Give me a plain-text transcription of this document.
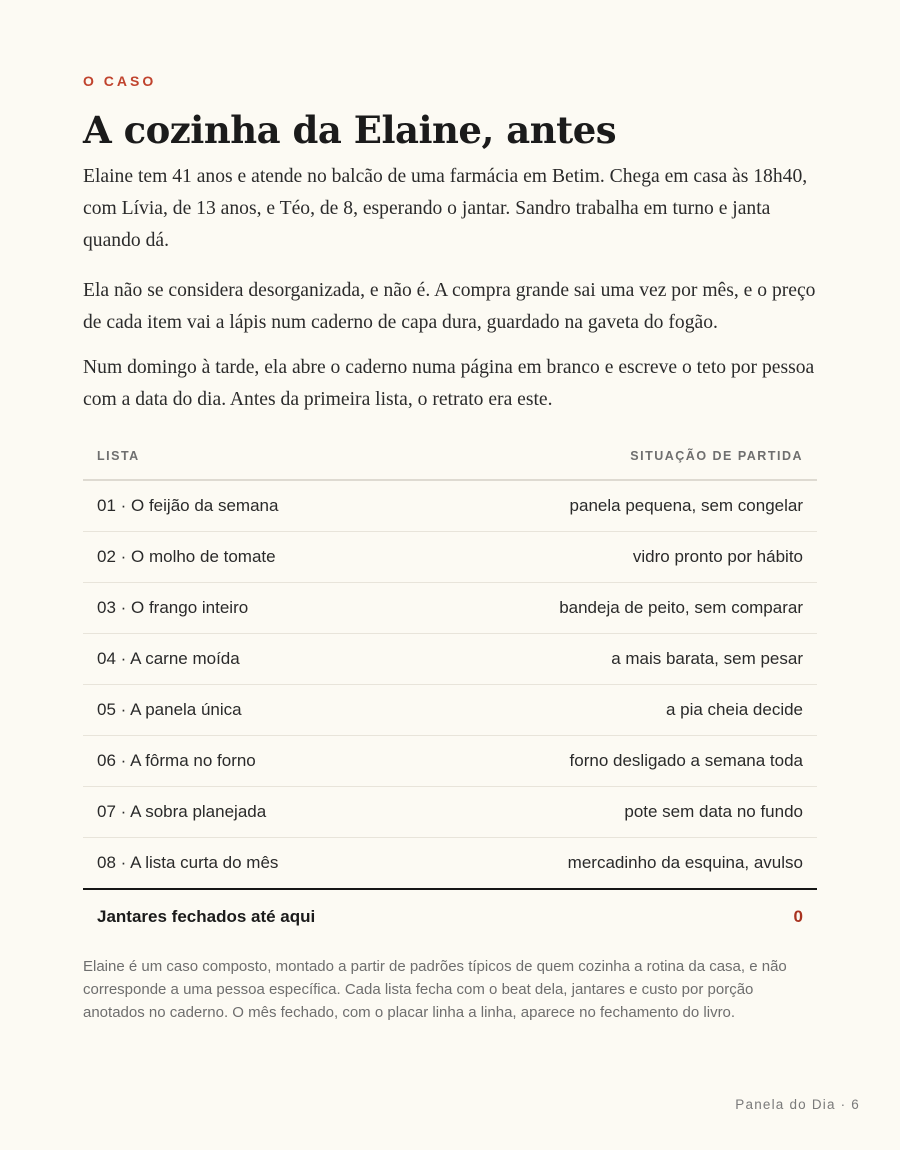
O CASO
A cozinha da Elaine, antes

Elaine tem 41 anos e atende no balcão de uma farmácia em Betim. Chega em casa às 18h40, com Lívia, de 13 anos, e Téo, de 8, esperando o jantar. Sandro trabalha em turno e janta quando dá.

Ela não se considera desorganizada, e não é. A compra grande sai uma vez por mês, e o preço de cada item vai a lápis num caderno de capa dura, guardado na gaveta do fogão.

Num domingo à tarde, ela abre o caderno numa página em branco e escreve o teto por pessoa com a data do dia. Antes da primeira lista, o retrato era este.

LISTA	SITUAÇÃO DE PARTIDA
01 · O feijão da semana	panela pequena, sem congelar
02 · O molho de tomate	vidro pronto por hábito
03 · O frango inteiro	bandeja de peito, sem comparar
04 · A carne moída	a mais barata, sem pesar
05 · A panela única	a pia cheia decide
06 · A fôrma no forno	forno desligado a semana toda
07 · A sobra planejada	pote sem data no fundo
08 · A lista curta do mês	mercadinho da esquina, avulso
Jantares fechados até aqui	0

Elaine é um caso composto, montado a partir de padrões típicos de quem cozinha a rotina da casa, e não corresponde a uma pessoa específica. Cada lista fecha com o beat dela, jantares e custo por porção anotados no caderno. O mês fechado, com o placar linha a linha, aparece no fechamento do livro.

Panela do Dia · 6
